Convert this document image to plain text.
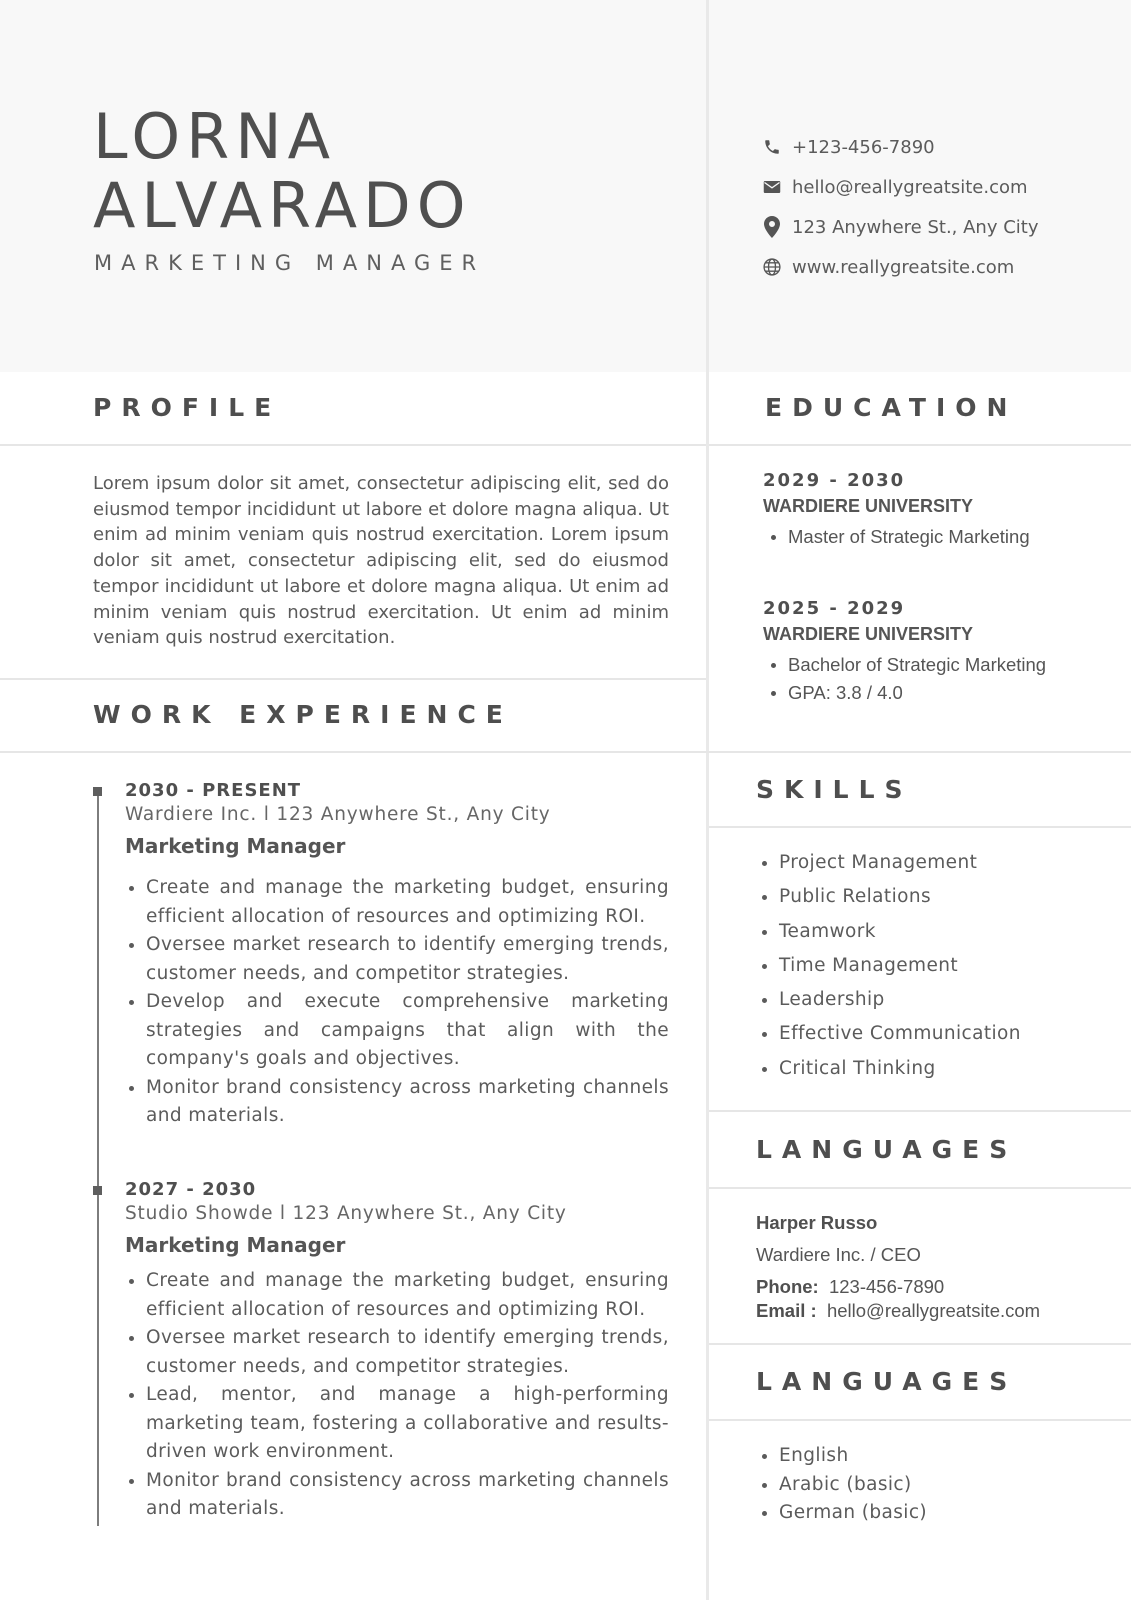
LORNA
ALVARADO
MARKETING MANAGER
+123-456-7890
hello@reallygreatsite.com
123 Anywhere St., Any City
www.reallygreatsite.com
PROFILE
Lorem ipsum dolor sit amet, consectetur adipiscing elit, sed do eiusmod tempor incididunt ut labore et dolore magna aliqua. Ut enim ad minim veniam quis nostrud exercitation. Lorem ipsum dolor sit amet, consectetur adipiscing elit, sed do eiusmod tempor incididunt ut labore et dolore magna aliqua. Ut enim ad minim veniam quis nostrud exercitation. Ut enim ad minim veniam quis nostrud exercitation.
WORK EXPERIENCE
2030 - PRESENT
Wardiere Inc. l 123 Anywhere St., Any City
Marketing Manager
Create and manage the marketing budget, ensuring efficient allocation of resources and optimizing ROI.
Oversee market research to identify emerging trends, customer needs, and competitor strategies.
Develop and execute comprehensive marketing strategies and campaigns that align with the company's goals and objectives.
Monitor brand consistency across marketing channels and materials.
2027 - 2030
Studio Showde l 123 Anywhere St., Any City
Marketing Manager
Create and manage the marketing budget, ensuring efficient allocation of resources and optimizing ROI.
Oversee market research to identify emerging trends, customer needs, and competitor strategies.
Lead, mentor, and manage a high-performing marketing team, fostering a collaborative and results-driven work environment.
Monitor brand consistency across marketing channels and materials.
EDUCATION
2029 - 2030
WARDIERE UNIVERSITY
Master of Strategic Marketing
2025 - 2029
WARDIERE UNIVERSITY
Bachelor of Strategic Marketing
GPA: 3.8 / 4.0
SKILLS
Project Management
Public Relations
Teamwork
Time Management
Leadership
Effective Communication
Critical Thinking
LANGUAGES
Harper Russo
Wardiere Inc. / CEO
Phone: 123-456-7890
Email : hello@reallygreatsite.com
LANGUAGES
English
Arabic (basic)
German (basic)
